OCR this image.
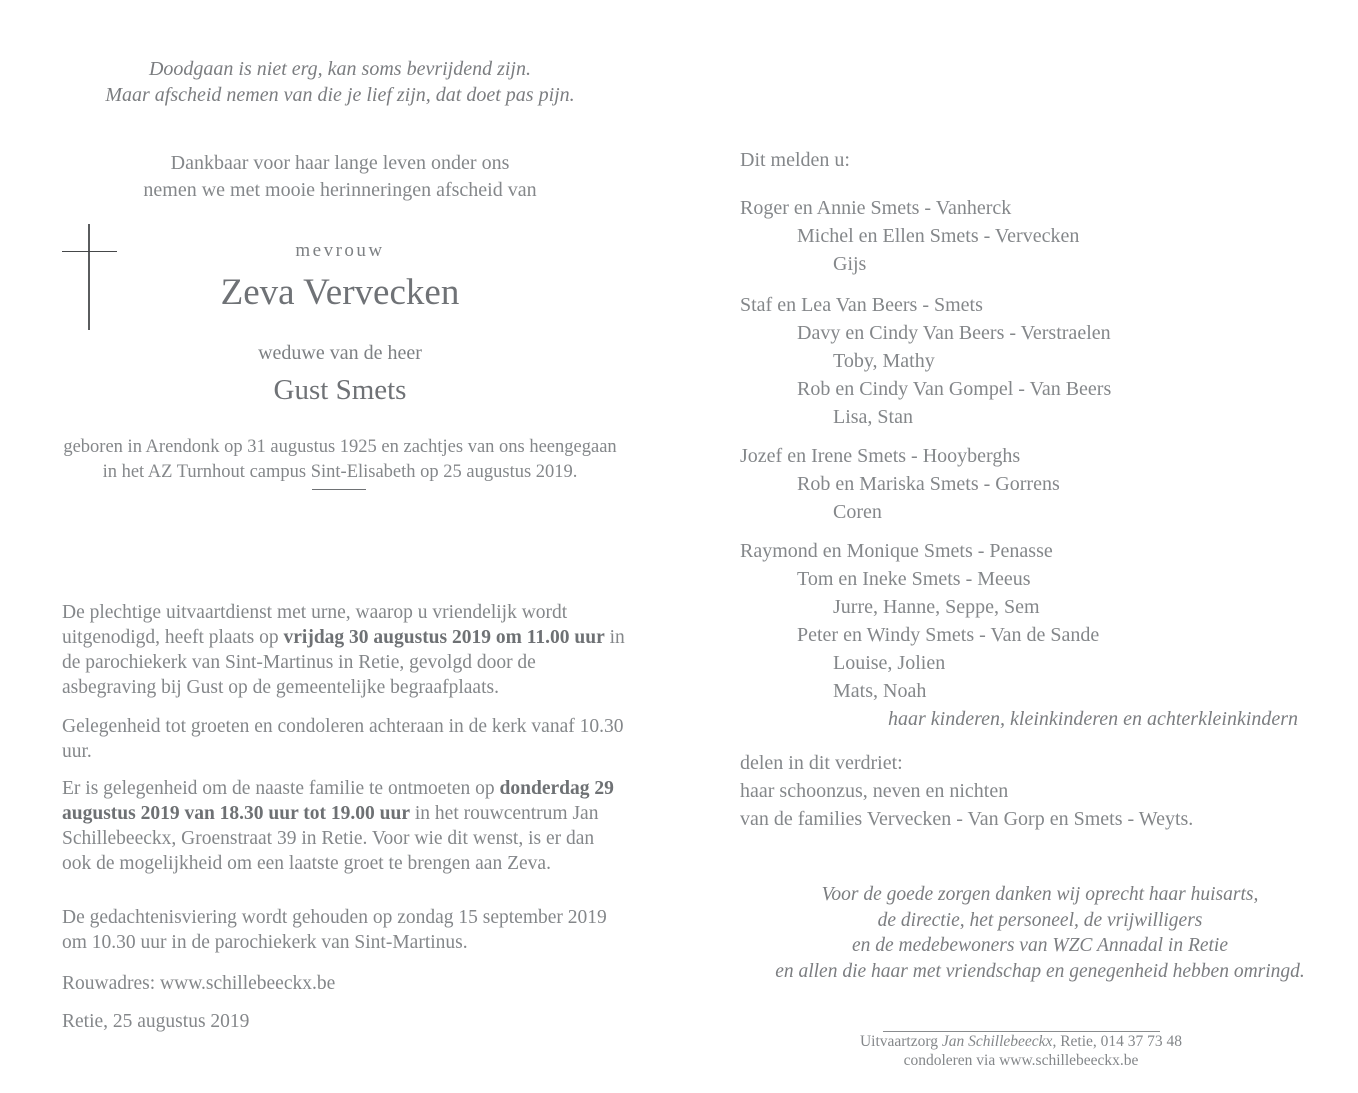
Doodgaan is niet erg, kan soms bevrijdend zijn.
Maar afscheid nemen van die je lief zijn, dat doet pas pijn.
Dankbaar voor haar lange leven onder ons
nemen we met mooie herinneringen afscheid van
mevrouw
Zeva Vervecken
weduwe van de heer
Gust Smets
geboren in Arendonk op 31 augustus 1925 en zachtjes van ons heengegaan
in het AZ Turnhout campus Sint-Elisabeth op 25 augustus 2019.
De plechtige uitvaartdienst met urne, waarop u vriendelijk wordt uitgenodigd, heeft plaats op vrijdag 30 augustus 2019 om 11.00 uur in de parochiekerk van Sint-Martinus in Retie, gevolgd door de asbegraving bij Gust op de gemeentelijke begraafplaats.
Gelegenheid tot groeten en condoleren achteraan in de kerk vanaf 10.30 uur.
Er is gelegenheid om de naaste familie te ontmoeten op donderdag 29 augustus 2019 van 18.30 uur tot 19.00 uur in het rouwcentrum Jan Schillebeeckx, Groenstraat 39 in Retie. Voor wie dit wenst, is er dan ook de mogelijkheid om een laatste groet te brengen aan Zeva.
De gedachtenisviering wordt gehouden op zondag 15 september 2019 om 10.30 uur in de parochiekerk van Sint-Martinus.
Rouwadres: www.schillebeeckx.be
Retie, 25 augustus 2019
Dit melden u:
Roger en Annie Smets - Vanherck
Michel en Ellen Smets - Vervecken
Gijs
Staf en Lea Van Beers - Smets
Davy en Cindy Van Beers - Verstraelen
Toby, Mathy
Rob en Cindy Van Gompel - Van Beers
Lisa, Stan
Jozef en Irene Smets - Hooyberghs
Rob en Mariska Smets - Gorrens
Coren
Raymond en Monique Smets - Penasse
Tom en Ineke Smets - Meeus
Jurre, Hanne, Seppe, Sem
Peter en Windy Smets - Van de Sande
Louise, Jolien
Mats, Noah
haar kinderen, kleinkinderen en achterkleinkindern
delen in dit verdriet:
haar schoonzus, neven en nichten
van de families Vervecken - Van Gorp en Smets - Weyts.
Voor de goede zorgen danken wij oprecht haar huisarts,
de directie, het personeel, de vrijwilligers
en de medebewoners van WZC Annadal in Retie
en allen die haar met vriendschap en genegenheid hebben omringd.
Uitvaartzorg Jan Schillebeeckx, Retie, 014 37 73 48
condoleren via www.schillebeeckx.be
